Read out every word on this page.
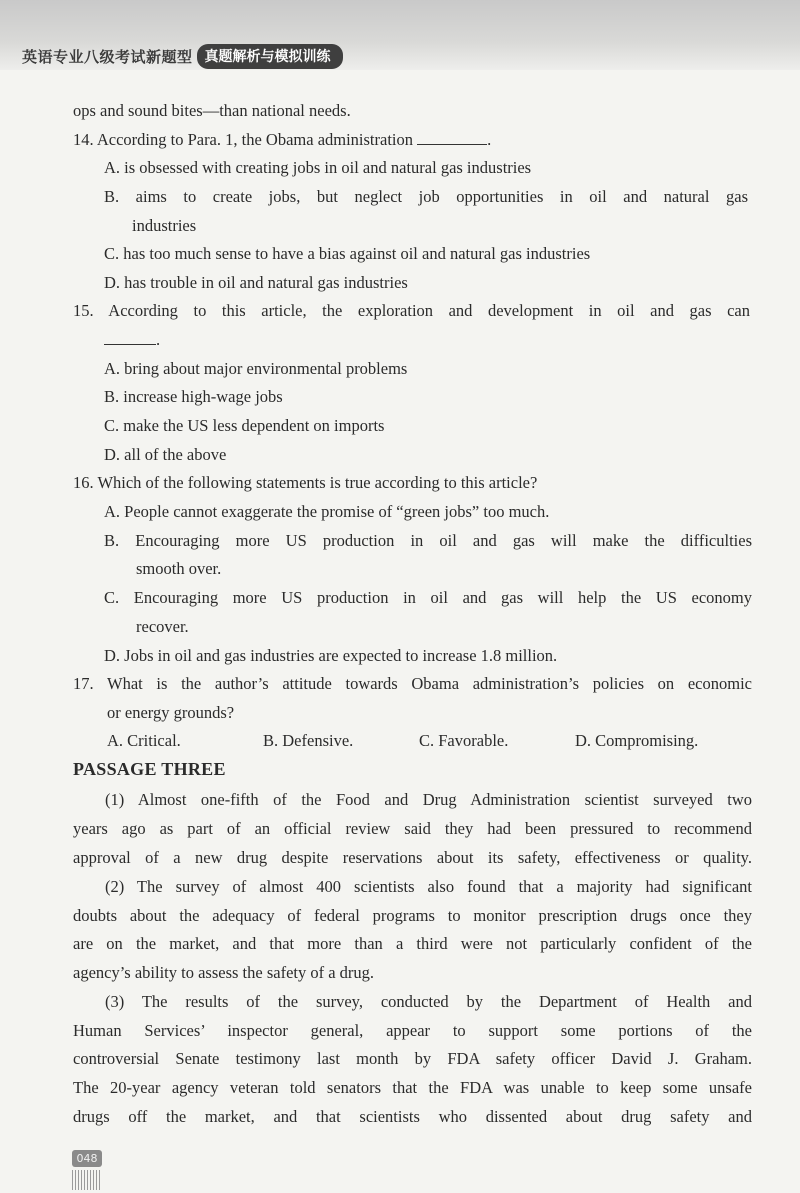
英语专业八级考试新题型 真题解析与模拟训练
ops and sound bites—than national needs.
14. According to Para. 1, the Obama administration	.
A. is obsessed with creating jobs in oil and natural gas industries
B. aims to create jobs, but neglect job opportunities in oil and natural gas
industries
C. has too much sense to have a bias against oil and natural gas industries
D. has trouble in oil and natural gas industries
15. According to this article, the exploration and development in oil and gas can
.
A. bring about major environmental problems
B. increase high-wage jobs
C. make the US less dependent on imports
D. all of the above
16. Which of the following statements is true according to this article?
A. People cannot exaggerate the promise of “green jobs” too much.
B. Encouraging more US production in oil and gas will make the difficulties
smooth over.
C. Encouraging more US production in oil and gas will help the US economy
recover.
D. Jobs in oil and gas industries are expected to increase 1.8 million.
17. What is the author’s attitude towards Obama administration’s policies on economic
or energy grounds?
A. Critical.	B. Defensive.	C. Favorable.	D. Compromising.
PASSAGE THREE
(1) Almost one-fifth of the Food and Drug Administration scientist surveyed two
years ago as part of an official review said they had been pressured to recommend
approval of a new drug despite reservations about its safety, effectiveness or quality.
(2) The survey of almost 400 scientists also found that a majority had significant
doubts about the adequacy of federal programs to monitor prescription drugs once they
are on the market, and that more than a third were not particularly confident of the
agency’s ability to assess the safety of a drug.
(3) The results of the survey, conducted by the Department of Health and
Human Services’ inspector general, appear to support some portions of the
controversial Senate testimony last month by FDA safety officer David J. Graham.
The 20-year agency veteran told senators that the FDA was unable to keep some unsafe
drugs off the market, and that scientists who dissented about drug safety and
048
